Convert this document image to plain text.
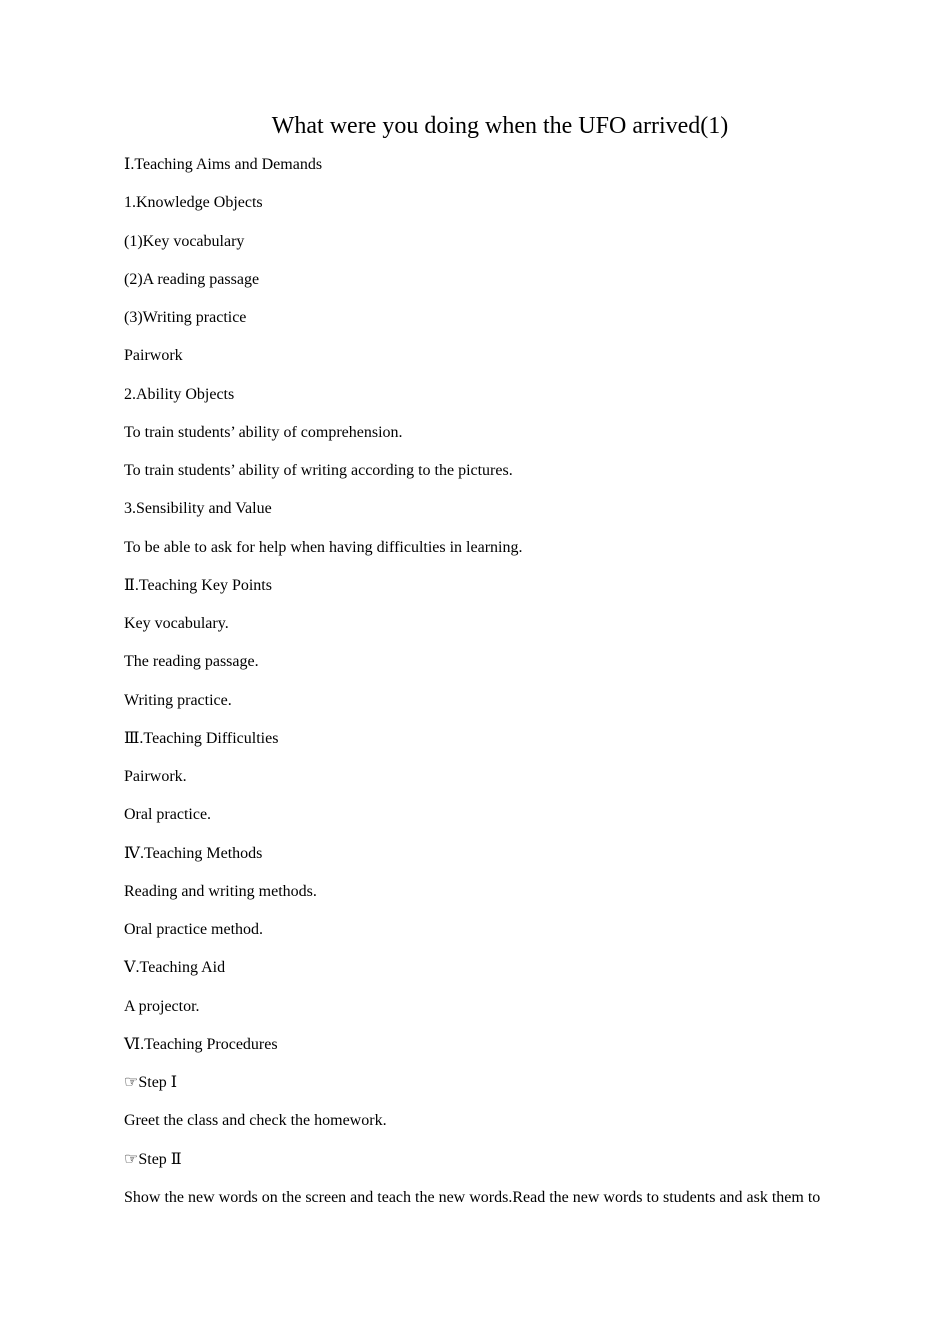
What were you doing when the UFO arrived(1)
Ⅰ.Teaching Aims and Demands
1.Knowledge Objects
(1)Key vocabulary
(2)A reading passage
(3)Writing practice
Pairwork
2.Ability Objects
To train students’ ability of comprehension.
To train students’ ability of writing according to the pictures.
3.Sensibility and Value
To be able to ask for help when having difficulties in learning.
Ⅱ.Teaching Key Points
Key vocabulary.
The reading passage.
Writing practice.
Ⅲ.Teaching Difficulties
Pairwork.
Oral practice.
Ⅳ.Teaching Methods
Reading and writing methods.
Oral practice method.
Ⅴ.Teaching Aid
A projector.
Ⅵ.Teaching Procedures
☞Step Ⅰ
Greet the class and check the homework.
☞Step Ⅱ
Show the new words on the screen and teach the new words.Read the new words to students and ask them to
